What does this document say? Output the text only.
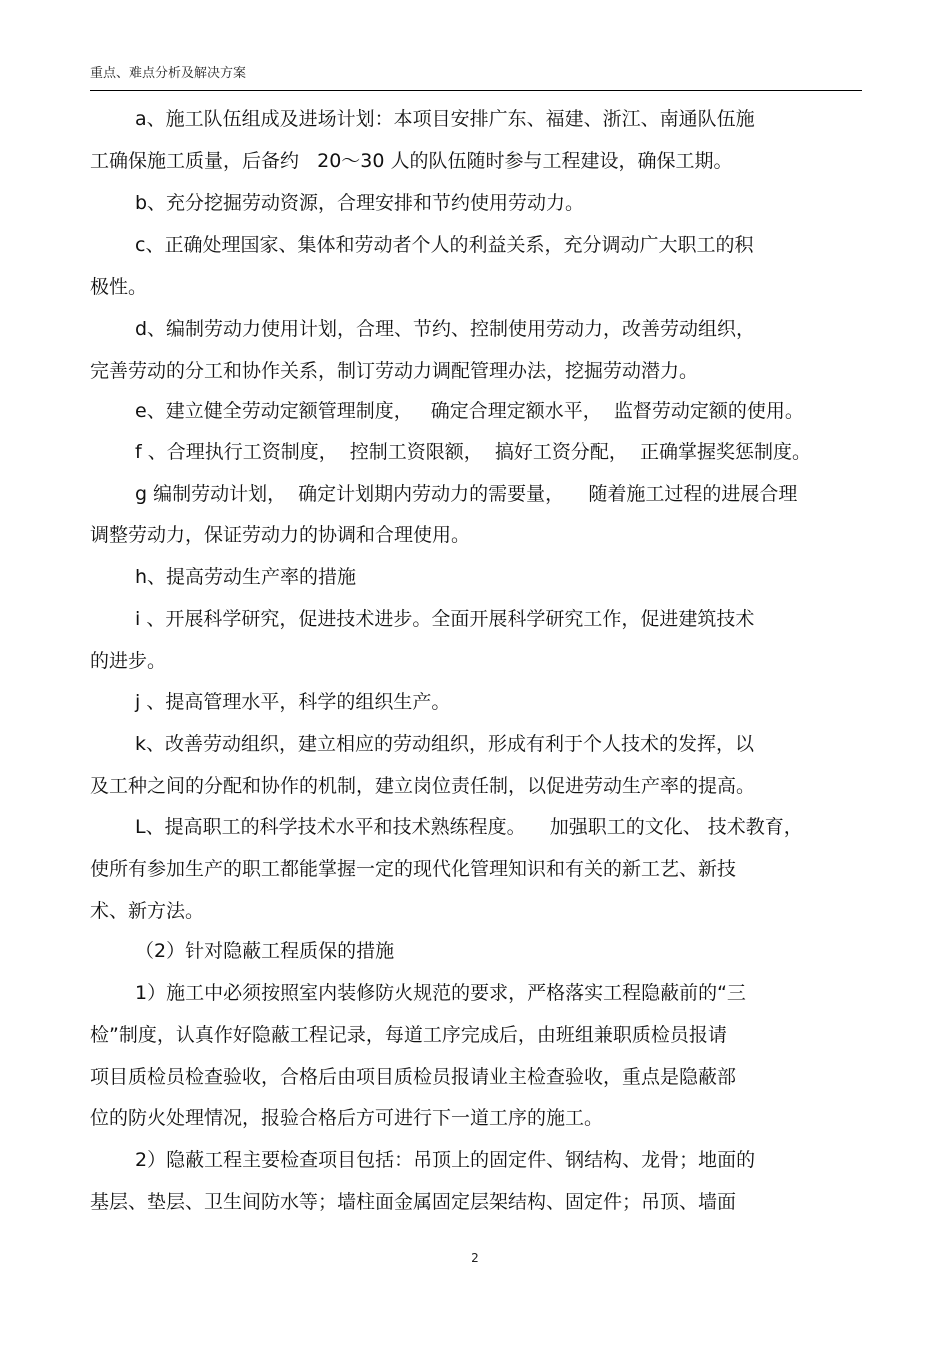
重点、难点分析及解决方案
a、施工队伍组成及进场计划：本项目安排广东、福建、浙江、南通队伍施
工确保施工质量，后备约   20～30 人的队伍随时参与工程建设，确保工期。
b、充分挖掘劳动资源，合理安排和节约使用劳动力。
c、正确处理国家、集体和劳动者个人的利益关系，充分调动广大职工的积
极性。
d、编制劳动力使用计划，合理、节约、控制使用劳动力，改善劳动组织，
完善劳动的分工和协作关系，制订劳动力调配管理办法，挖掘劳动潜力。
e、建立健全劳动定额管理制度，   确定合理定额水平，  监督劳动定额的使用。
f 、合理执行工资制度，  控制工资限额，  搞好工资分配，  正确掌握奖惩制度。
g 编制劳动计划，  确定计划期内劳动力的需要量，    随着施工过程的进展合理
调整劳动力，保证劳动力的协调和合理使用。
h、提高劳动生产率的措施
i 、开展科学研究，促进技术进步。全面开展科学研究工作，促进建筑技术
的进步。
j 、提高管理水平，科学的组织生产。
k、改善劳动组织，建立相应的劳动组织，形成有利于个人技术的发挥，以
及工种之间的分配和协作的机制，建立岗位责任制，以促进劳动生产率的提高。
L、提高职工的科学技术水平和技术熟练程度。    加强职工的文化、 技术教育，
使所有参加生产的职工都能掌握一定的现代化管理知识和有关的新工艺、新技
术、新方法。
（2）针对隐蔽工程质保的措施
1）施工中必须按照室内装修防火规范的要求，严格落实工程隐蔽前的“三
检”制度，认真作好隐蔽工程记录，每道工序完成后，由班组兼职质检员报请
项目质检员检查验收，合格后由项目质检员报请业主检查验收，重点是隐蔽部
位的防火处理情况，报验合格后方可进行下一道工序的施工。
2）隐蔽工程主要检查项目包括：吊顶上的固定件、钢结构、龙骨；地面的
基层、垫层、卫生间防水等；墙柱面金属固定层架结构、固定件；吊顶、墙面
2
